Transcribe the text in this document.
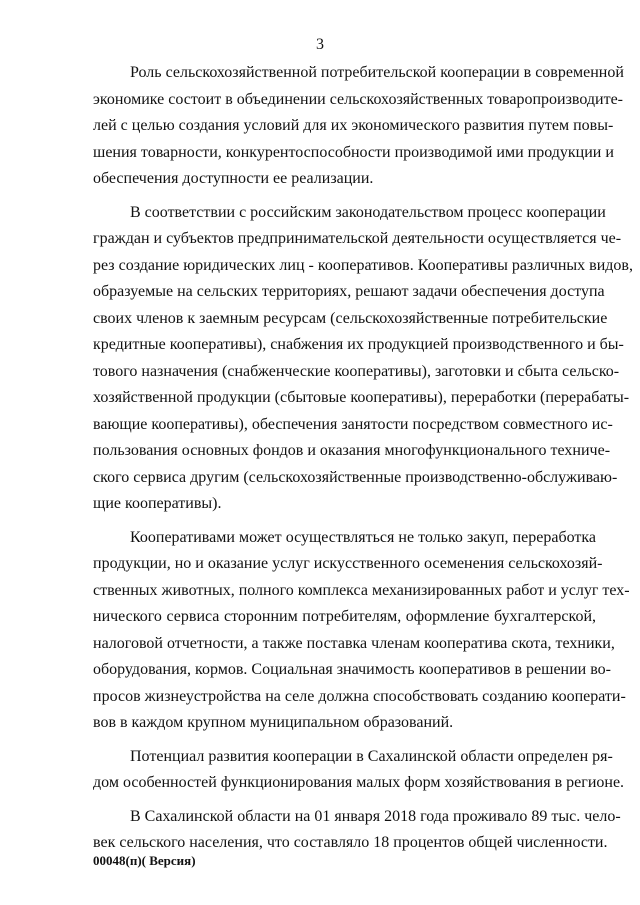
3
Роль сельскохозяйственной потребительской кооперации в современной
экономике состоит в объединении сельскохозяйственных товаропроизводите-
лей с целью создания условий для их экономического развития путем повы-
шения товарности, конкурентоспособности производимой ими продукции и
обеспечения доступности ее реализации.
В соответствии с российским законодательством процесс кооперации
граждан и субъектов предпринимательской деятельности осуществляется че-
рез создание юридических лиц - кооперативов. Кооперативы различных видов,
образуемые на сельских территориях, решают задачи обеспечения доступа
своих членов к заемным ресурсам (сельскохозяйственные потребительские
кредитные кооперативы), снабжения их продукцией производственного и бы-
тового назначения (снабженческие кооперативы), заготовки и сбыта сельско-
хозяйственной продукции (сбытовые кооперативы), переработки (перерабаты-
вающие кооперативы), обеспечения занятости посредством совместного ис-
пользования основных фондов и оказания многофункционального техниче-
ского сервиса другим (сельскохозяйственные производственно-обслуживаю-
щие кооперативы).
Кооперативами может осуществляться не только закуп, переработка
продукции, но и оказание услуг искусственного осеменения сельскохозяй-
ственных животных, полного комплекса механизированных работ и услуг тех-
нического сервиса сторонним потребителям, оформление бухгалтерской,
налоговой отчетности, а также поставка членам кооператива скота, техники,
оборудования, кормов. Социальная значимость кооперативов в решении во-
просов жизнеустройства на селе должна способствовать созданию кооперати-
вов в каждом крупном муниципальном образований.
Потенциал развития кооперации в Сахалинской области определен ря-
дом особенностей функционирования малых форм хозяйствования в регионе.
В Сахалинской области на 01 января 2018 года проживало 89 тыс. чело-
век сельского населения, что составляло 18 процентов общей численности.
00048(п)( Версия)
